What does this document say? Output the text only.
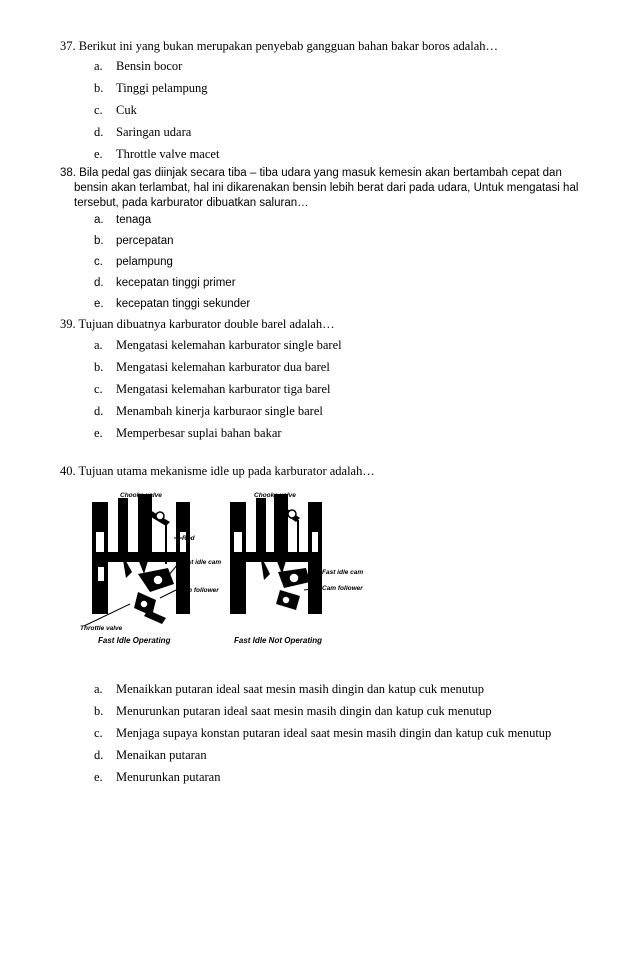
37. Berikut ini yang bukan merupakan penyebab gangguan bahan bakar boros adalah…
a. Bensin bocor
b. Tinggi pelampung
c. Cuk
d. Saringan udara
e. Throttle valve macet
38. Bila pedal gas diinjak secara tiba – tiba udara yang masuk kemesin akan bertambah cepat dan bensin akan terlambat, hal ini dikarenakan bensin lebih berat dari pada udara, Untuk mengatasi hal tersebut, pada karburator dibuatkan saluran…
a. tenaga
b. percepatan
c. pelampung
d. kecepatan tinggi primer
e. kecepatan tinggi sekunder
39. Tujuan dibuatnya karburator double barel adalah…
a. Mengatasi kelemahan karburator single barel
b. Mengatasi kelemahan karburator dua barel
c. Mengatasi kelemahan karburator tiga barel
d. Menambah kinerja karburaor single barel
e. Memperbesar suplai bahan bakar
40. Tujuan utama mekanisme idle up pada karburator adalah…
Chooke valve
Rod
Fast idle cam
Cam follower
Throttle valve
Fast Idle Operating
Chooke valve
Fast idle cam
Cam follower
Fast Idle Not Operating
a. Menaikkan putaran ideal saat mesin masih dingin dan katup cuk menutup
b. Menurunkan putaran ideal saat mesin masih dingin dan katup cuk menutup
c. Menjaga supaya konstan putaran ideal saat mesin masih dingin dan katup cuk menutup
d. Menaikan putaran
e. Menurunkan putaran
